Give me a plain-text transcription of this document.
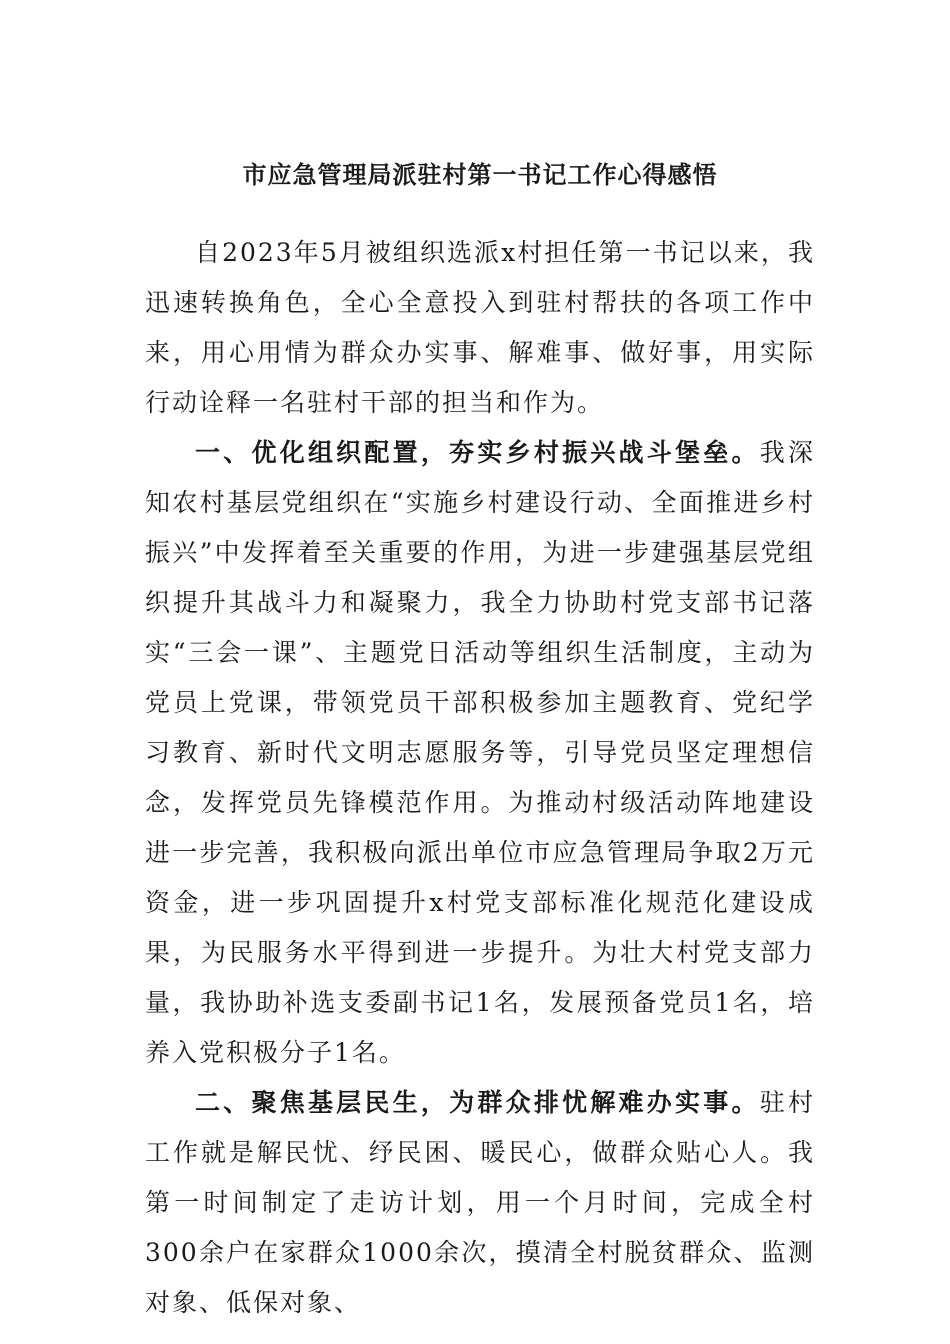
市应急管理局派驻村第一书记工作心得感悟

自2023年5月被组织选派x村担任第一书记以来，我迅速转换角色，全心全意投入到驻村帮扶的各项工作中来，用心用情为群众办实事、解难事、做好事，用实际行动诠释一名驻村干部的担当和作为。

一、优化组织配置，夯实乡村振兴战斗堡垒。我深知农村基层党组织在“实施乡村建设行动、全面推进乡村振兴”中发挥着至关重要的作用，为进一步建强基层党组织提升其战斗力和凝聚力，我全力协助村党支部书记落实“三会一课”、主题党日活动等组织生活制度，主动为党员上党课，带领党员干部积极参加主题教育、党纪学习教育、新时代文明志愿服务等，引导党员坚定理想信念，发挥党员先锋模范作用。为推动村级活动阵地建设进一步完善，我积极向派出单位市应急管理局争取2万元资金，进一步巩固提升x村党支部标准化规范化建设成果，为民服务水平得到进一步提升。为壮大村党支部力量，我协助补选支委副书记1名，发展预备党员1名，培养入党积极分子1名。

二、聚焦基层民生，为群众排忧解难办实事。驻村工作就是解民忧、纾民困、暖民心，做群众贴心人。我第一时间制定了走访计划，用一个月时间，完成全村300余户在家群众1000余次，摸清全村脱贫群众、监测对象、低保对象、
